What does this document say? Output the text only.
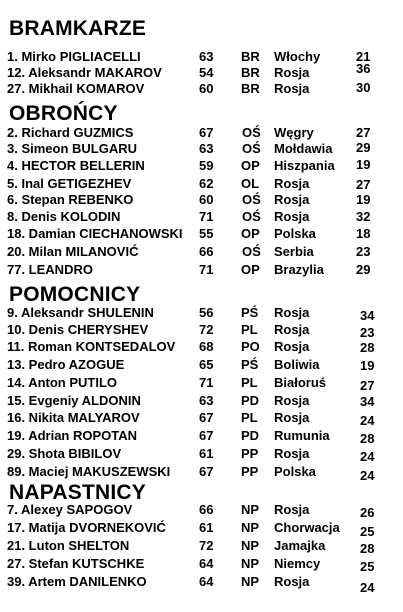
BRAMKARZE
1. Mirko PIGLIACELLI	63 BR Włochy	21
12. Aleksandr MAKAROV	54 BR Rosja	36
27. Mikhail KOMAROV	60 BR Rosja	30
OBROŃCY
2. Richard GUZMICS	67 OŚ Węgry	27
3. Simeon BULGARU	63 OŚ Mołdawia 29
4. HECTOR BELLERIN	59 OP Hiszpania 19
5. Inal GETIGEZHEV	62 OL Rosja	27
6. Stepan REBENKO	60 OŚ Rosja	19
8. Denis KOLODIN	71 OŚ Rosja	32
18. Damian CIECHANOWSKI 55 OP Polska	18
20. Milan MILANOVIĆ	66 OŚ Serbia	23
77. LEANDRO	71 OP Brazylia 29
POMOCNICY
9. Aleksandr SHULENIN	56 PŚ Rosja	34
10. Denis CHERYSHEV	72 PL Rosja	23
11. Roman KONTSEDALOV 68 PO Rosja	28
13. Pedro AZOGUE	65 PŚ Boliwia	19
14. Anton PUTILO	71 PL Białoruś	27
15. Evgeniy ALDONIN	63 PD Rosja	34
16. Nikita MALYAROV	67 PL Rosja	24
19. Adrian ROPOTAN	67 PD Rumunia 28
29. Shota BIBILOV	61 PP Rosja	24
89. Maciej MAKUSZEWSKI 67 PP Polska	24
NAPASTNICY
7. Alexey SAPOGOV	66 NP Rosja	26
17. Matija DVORNEKOVIĆ	61 NP Chorwacja 25
21. Luton SHELTON	72 NP Jamajka	28
27. Stefan KUTSCHKE	64 NP Niemcy	25
39. Artem DANILENKO	64 NP Rosja	24
